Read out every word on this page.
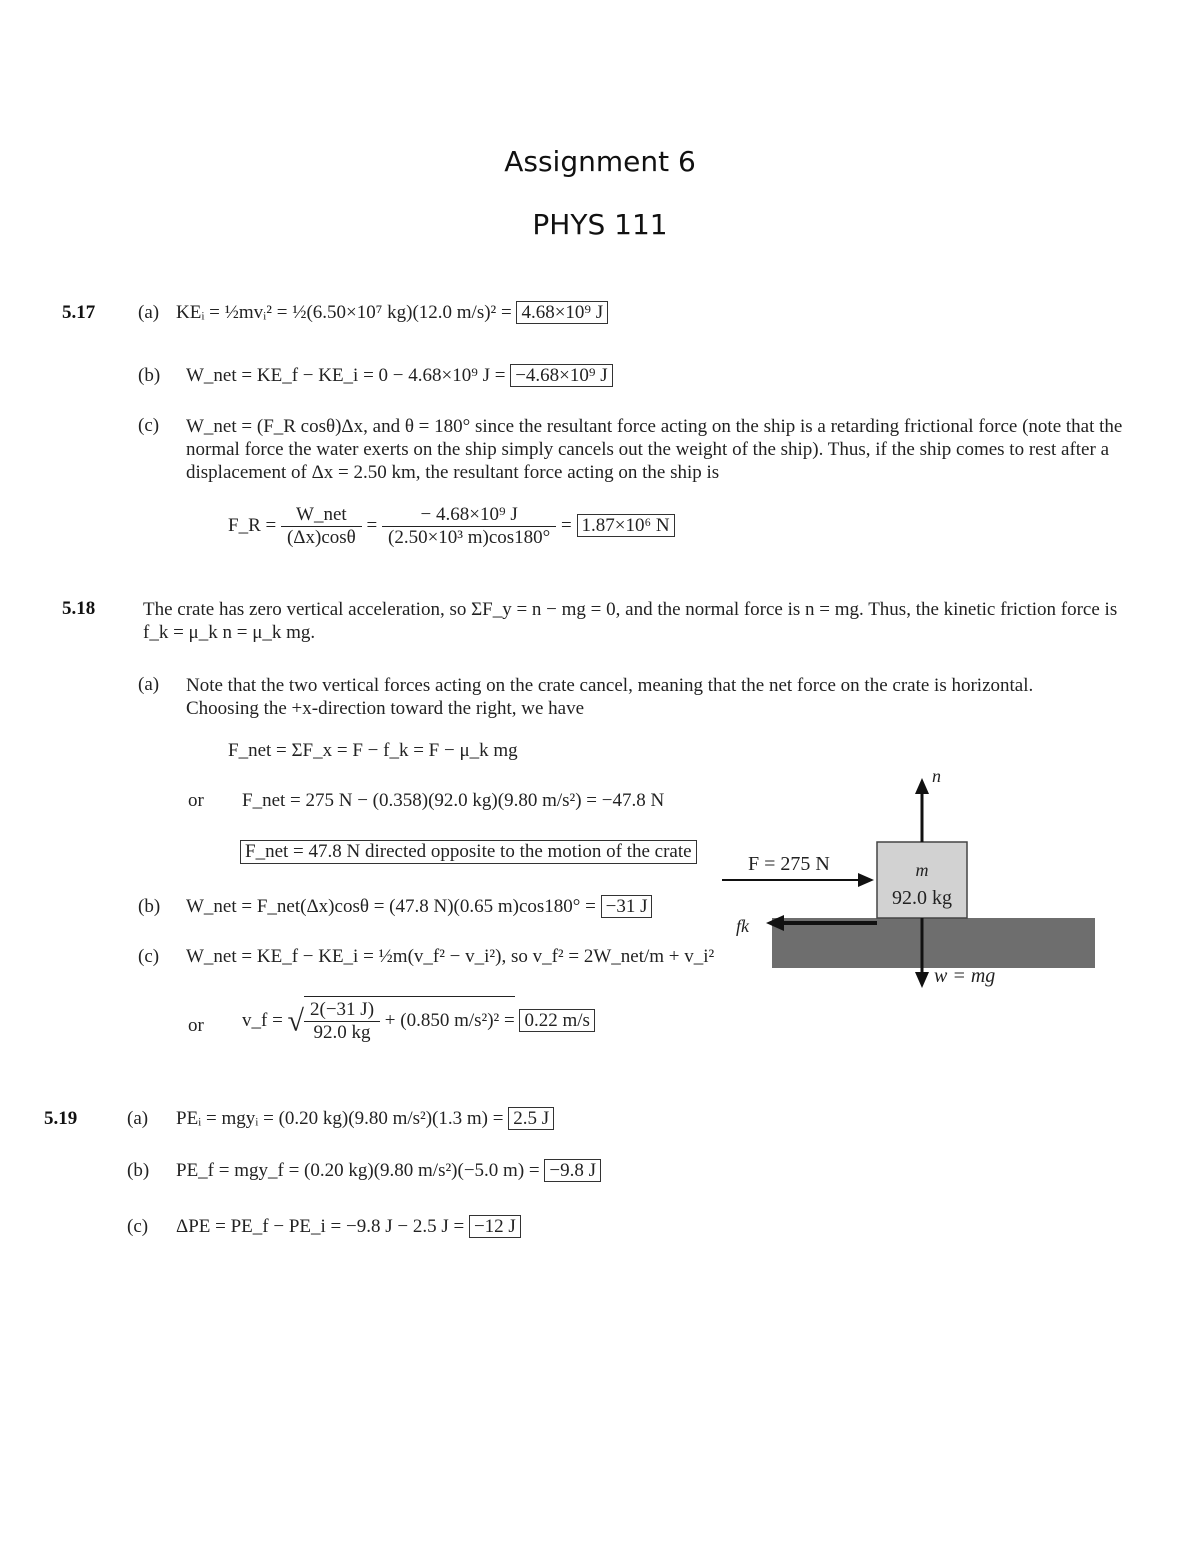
Assignment 6
PHYS 111
5.17 (a) KEᵢ = ½mvᵢ² = ½(6.50×10⁷ kg)(12.0 m/s)² = 4.68×10⁹ J
(b) W_net = KE_f − KE_i = 0 − 4.68×10⁹ J = −4.68×10⁹ J
(c) W_net = (F_R cosθ)Δx, and θ = 180° since the resultant force acting on the ship is a retarding frictional force (note that the normal force the water exerts on the ship simply cancels out the weight of the ship). Thus, if the ship comes to rest after a displacement of Δx = 2.50 km, the resultant force acting on the ship is
F_R = $\frac{\text{W\_net}}{(\Delta x)\cos\theta} = \frac{\text{− 4.68×10⁹ J}}{\text{(2.50×10³ m)cos180°}} = 1.87\times 10^6$ N
5.18	The crate has zero vertical acceleration, so ΣF_y = n − mg = 0, and the normal force is n = mg. Thus, the kinetic friction force is f_k = μ_k n = μ_k mg.
(a) Note that the two vertical forces acting on the crate cancel, meaning that the net force on the crate is horizontal. Choosing the +x-direction toward the right, we have
F_net = ΣF_x = F − f_k = F − μ_k mg
or F_net = 275 N − (0.358)(92.0 kg)(9.80 m/s²) = −47.8 N
F_net = 47.8 N directed opposite to the motion of the crate
(b) W_net = F_net(Δx)cosθ = (47.8 N)(0.65 m)cos180° = −31 J
(c) W_net = KE_f − KE_i = ½m(v_f² − v_i²), so v_f² = 2W_net/m + v_i²
or v_f = √ $\frac{2(-31 J)}{92.0 kg} + (0.850$ m/s²)² = 0.22 m/s
n
F = 275 N	m
92.0 kg
fk
w = mg
5.19	(a) PEᵢ = mgyᵢ = (0.20 kg)(9.80 m/s²)(1.3 m) = 2.5 J
(b) PE_f = mgy_f = (0.20 kg)(9.80 m/s²)(−5.0 m) = −9.8 J
(c) ΔPE = PE_f − PE_i = −9.8 J − 2.5 J = −12 J
